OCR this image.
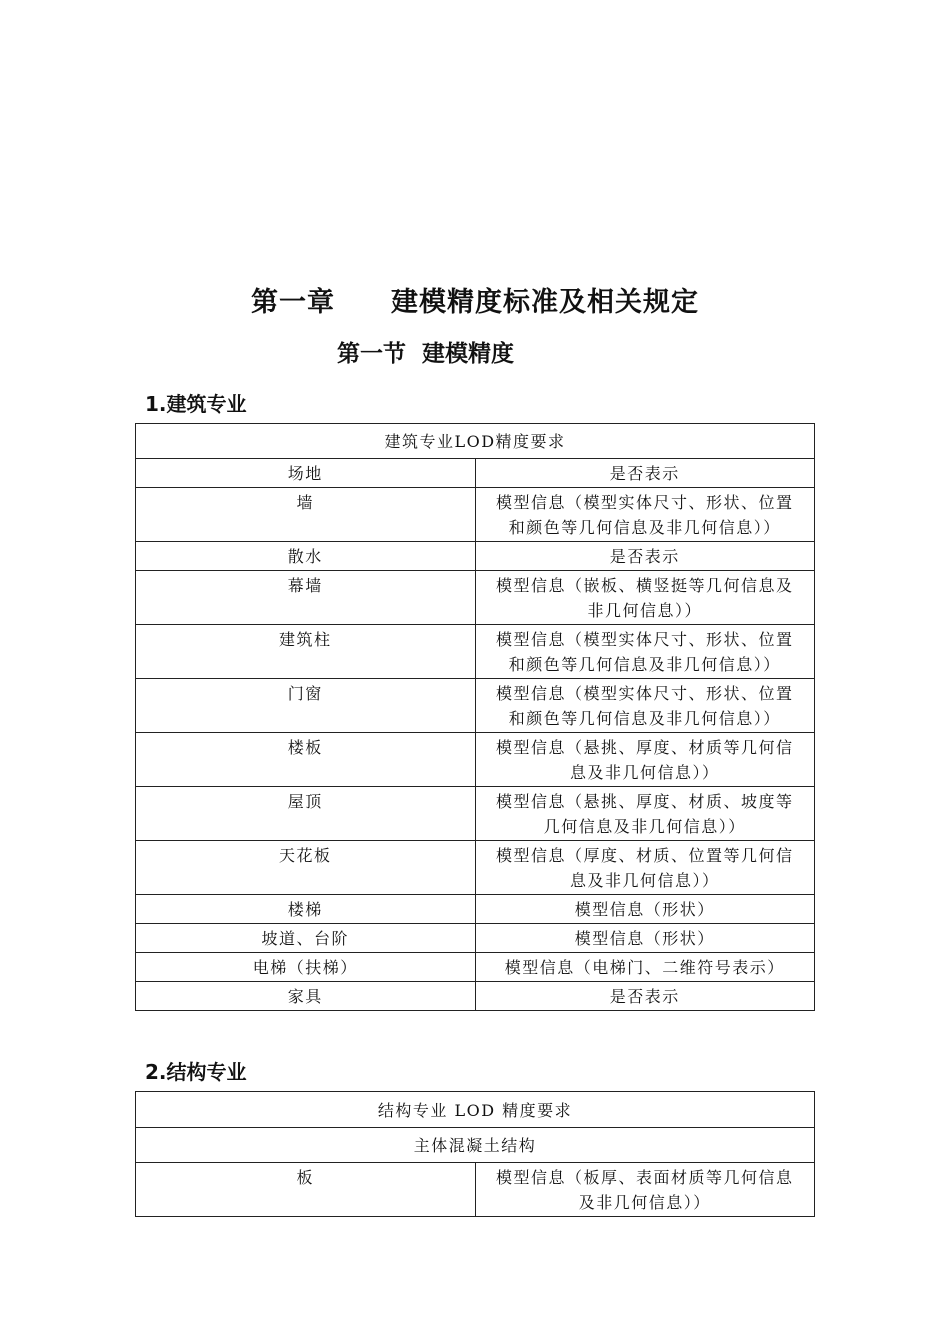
第一章　　建模精度标准及相关规定
第一节  建模精度
1.建筑专业
建筑专业LOD精度要求	
场地	是否表示
墙	模型信息（模型实体尺寸、形状、位置和颜色等几何信息及非几何信息））
散水	是否表示
幕墙	模型信息（嵌板、横竖挺等几何信息及非几何信息））
建筑柱	模型信息（模型实体尺寸、形状、位置和颜色等几何信息及非几何信息））
门窗	模型信息（模型实体尺寸、形状、位置和颜色等几何信息及非几何信息））
楼板	模型信息（悬挑、厚度、材质等几何信息及非几何信息））
屋顶	模型信息（悬挑、厚度、材质、坡度等几何信息及非几何信息））
天花板	模型信息（厚度、材质、位置等几何信息及非几何信息））
楼梯	模型信息（形状）
坡道、台阶	模型信息（形状）
电梯（扶梯）	模型信息（电梯门、二维符号表示）
家具	是否表示
2.结构专业
结构专业 LOD 精度要求
主体混凝土结构
板	模型信息（板厚、表面材质等几何信息及非几何信息））
